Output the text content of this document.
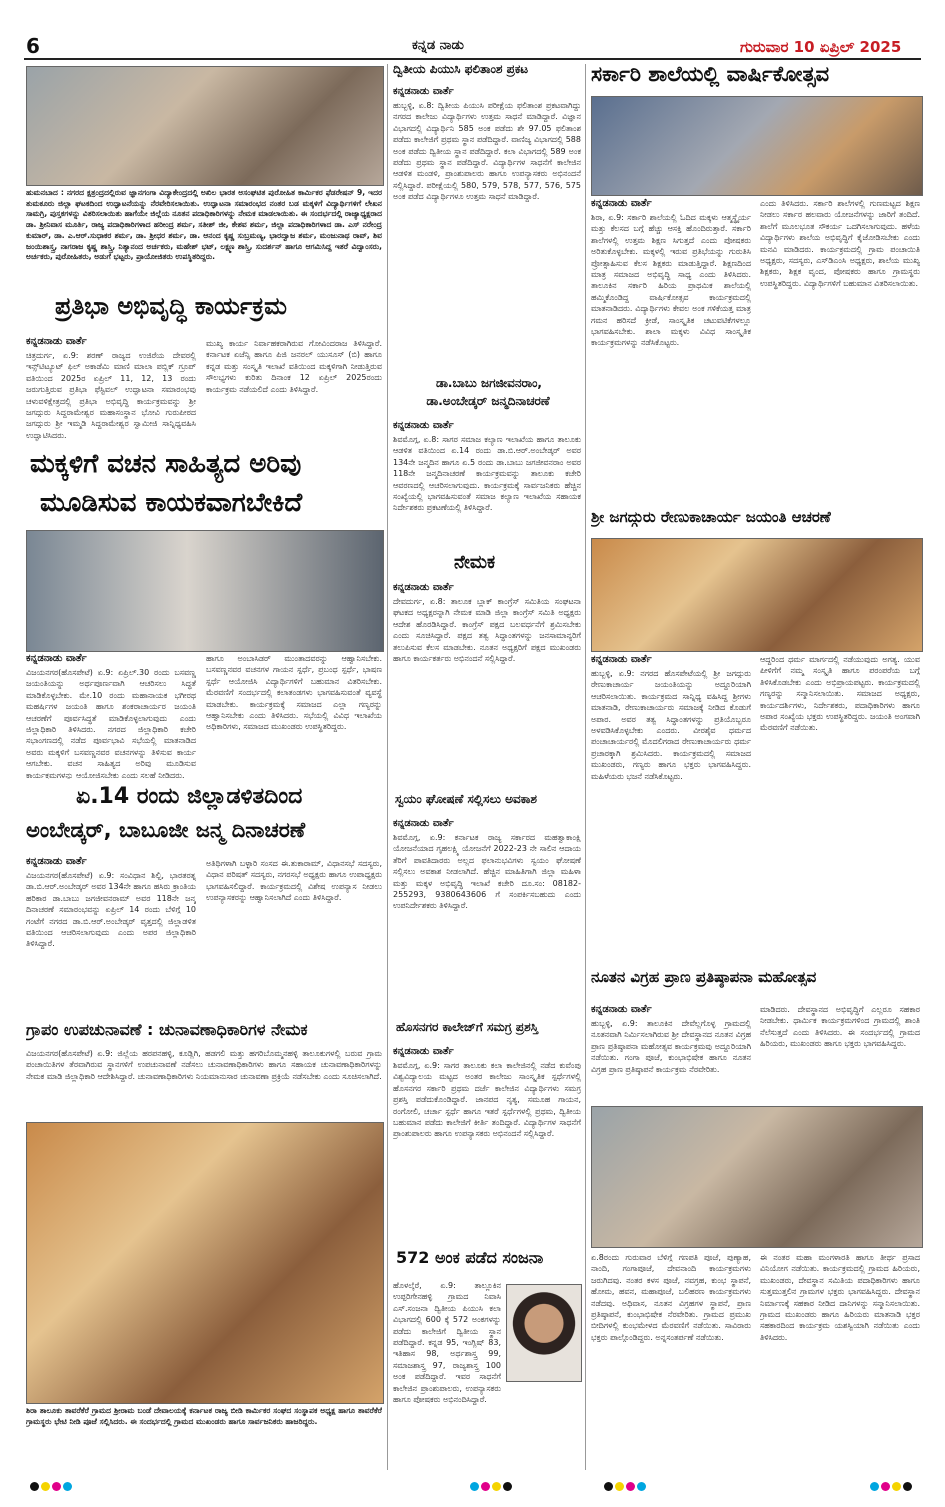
6	ಕನ್ನಡ ನಾಡು	ಗುರುವಾರ 10 ಏಪ್ರಿಲ್ 2025
ಹುಮನಬಾದ : ನಗರದ ಕ್ಷತ್ರಂದ್ರದಲ್ಲಿರುವ ಜ್ಞಾನಗಂಗಾ ವಿದ್ಯಾಕೇಂದ್ರದಲ್ಲಿ ಅಖಿಲ ಭಾರತ ಅಸಂಘಟಿತ ಪುರೋಹಿತ ಕಾರ್ಮಿಕರ ಫೆಡರೇಷನ್ 9, ಇದರ ತುಮಕೂರು ಜಿಲ್ಲಾ ಘಟಕದಿಂದ ಉದ್ಘಾಟನೆಯನ್ನು ನೆರವೇರಿಸಲಾಯಿತು. ಉದ್ಘಾಟನಾ ಸಮಾರಂಭದ ನಂತರ ಬಡ ಮಕ್ಕಳಿಗೆ ವಿದ್ಯಾರ್ಥಿಗಳಿಗೆ ಲೇಖನ ಸಾಮಗ್ರಿ, ಪುಸ್ತಕಗಳನ್ನು ವಿತರಿಸಲಾಯಿತು ಹಾಗೆಯೇ ಜಿಲ್ಲೆಯ ನೂತನ ಪದಾಧಿಕಾರಿಗಳನ್ನು ನೇಮಕ ಮಾಡಲಾಯಿತು. ಈ ಸಂದರ್ಭದಲ್ಲಿ ರಾಜ್ಯಾಧ್ಯಕ್ಷರಾದ ಡಾ. ಶ್ರೀನಿವಾಸ ಮೂರ್ತಿ, ರಾಜ್ಯ ಪದಾಧಿಕಾರಿಗಳಾದ ಹರೀಂದ್ರ ಶರ್ಮ, ಸತೀಶ್ ಜೀ, ಕೇಶವ ಶರ್ಮ, ಜಿಲ್ಲಾ ಪದಾಧಿಕಾರಿಗಳಾದ ಡಾ. ಎಸ್ ನರೇಂದ್ರ ಕುಮಾರ್, ಡಾ. ಎ.ಆರ್.ಸುಧಾಕರ ಶರ್ಮ, ಡಾ. ಶ್ರೀಧರ ಶರ್ಮ, ಡಾ. ಆನಂದ ಕೃಷ್ಣ ಸುಬ್ರಮಣ್ಯ, ಭಾರದ್ವಾಜ ಶರ್ಮ, ಮಂಜುನಾಥ ರಾವ್, ಶಿವ ಜಂಯಿಶಾಸ್ತ್ರ, ನಾಗರಾಜ ಕೃಷ್ಣ ಶಾಸ್ತ್ರಿ, ನಿತ್ಯಾನಂದ ಅರ್ಚಕರು, ಮಹೇಶ್ ಭಟ್, ಲಕ್ಷ್ಮಣ ಶಾಸ್ತ್ರಿ, ಸುದರ್ಶನ್ ಹಾಗೂ ಆಗಮಿಸಿದ್ದ ಇತರೆ ವಿದ್ವಾಂಸರು, ಅರ್ಚಕರು, ಪುರೋಹಿತರು, ಅಡುಗೆ ಭಟ್ಟರು, ಪ್ರಾಯೋಜಿತರು ಉಪಸ್ಥಿತರಿದ್ದರು.
ಪ್ರತಿಭಾ ಅಭಿವೃದ್ಧಿ ಕಾರ್ಯಕ್ರಮ
ಕನ್ನಡನಾಡು ವಾರ್ತೆ
ಚಿತ್ರದುರ್ಗ, ಏ.9: ಶರಣ್ ರಾಜ್ಯದ ಉಜಿರೆಯ ದೇವರಲ್ಲಿ ಇನ್ಸ್‌ಟಿಟ್ಯೂಟ್ ಫಿಲ್ ಅಕಾಡೆಮಿ ಮಾಣಿ ಮಾಲಾ ಪಬ್ಲಿಕ್ ಗ್ರೂಪ್ ವತಿಯಿಂದ 2025ರ ಏಪ್ರಿಲ್ 11, 12, 13 ರಂದು ಜರುಗುತ್ತಿರುವ ಪ್ರತಿಭಾ ಫೆಸ್ಟಿವಲ್ ಉದ್ಘಾಟನಾ ಸಮಾರಂಭವು ಚಳುವಳಿಕ್ಷೇತ್ರದಲ್ಲಿ ಪ್ರತಿಭಾ ಅಭಿವೃದ್ಧಿ ಕಾರ್ಯಕ್ರಮವನ್ನು ಶ್ರೀ ಜಗದ್ಗುರು ಸಿದ್ದರಾಮೇಶ್ವರ ಮಹಾಸಂಸ್ಥಾನ ಭೋವಿ ಗುರುಪೀಠದ ಜಗದ್ಗುರು ಶ್ರೀ ಇಮ್ಮಡಿ ಸಿದ್ದರಾಮೇಶ್ವರ ಸ್ವಾಮೀಜಿ ಸಾನ್ನಿಧ್ಯವಹಿಸಿ ಉದ್ಘಾಟಿಸಿದರು.
ಮುಖ್ಯ ಕಾರ್ಯ ನಿರ್ವಾಹಕರಾಗಿರುವ ಗೋವಿಂದರಾಜ ತಿಳಿಸಿದ್ದಾರೆ. ಕರ್ನಾಟಕ ಏಜೆನ್ಸಿ ಹಾಗೂ ಪಿಜಿ ಜನರಲ್ ಯುಸೂಸ್ (ಬಿ) ಹಾಗೂ ಕನ್ನಡ ಮತ್ತು ಸಂಸ್ಕೃತಿ ಇಲಾಖೆ ವತಿಯಿಂದ ಮಕ್ಕಳಿಗಾಗಿ ನೀಡುತ್ತಿರುವ ಸೌಲಭ್ಯಗಳು ಕುರಿತು ದಿನಾಂಕ 12 ಏಪ್ರಿಲ್ 2025ರಂದು ಕಾರ್ಯಕ್ರಮ ನಡೆಯಲಿದೆ ಎಂದು ತಿಳಿಸಿದ್ದಾರೆ.
ಮಕ್ಕಳಿಗೆ ವಚನ ಸಾಹಿತ್ಯದ ಅರಿವು
ಮೂಡಿಸುವ ಕಾಯಕವಾಗಬೇಕಿದೆ
ಕನ್ನಡನಾಡು ವಾರ್ತೆ
ವಿಜಯನಗರ(ಹೊಸಪೇಟೆ) ಏ.9: ಏಪ್ರಿಲ್.30 ರಂದು ಬಸವಣ್ಣ ಜಯಂತಿಯನ್ನು ಅರ್ಥಪೂರ್ಣವಾಗಿ ಆಚರಿಸಲು ಸಿದ್ಧತೆ ಮಾಡಿಕೊಳ್ಳಬೇಕು. ಮೇ.10 ರಂದು ಮಹಾನಾಯಕ ಭಗೀರಥ ಮಹರ್ಷಿಗಳ ಜಯಂತಿ ಹಾಗೂ ಶಂಕರಾಚಾರ್ಯರ ಜಯಂತಿ ಆಚರಣೆಗೆ ಪೂರ್ವಸಿದ್ಧತೆ ಮಾಡಿಕೊಳ್ಳಲಾಗುವುದು ಎಂದು ಜಿಲ್ಲಾಧಿಕಾರಿ ತಿಳಿಸಿದರು. ನಗರದ ಜಿಲ್ಲಾಧಿಕಾರಿ ಕಚೇರಿ ಸಭಾಂಗಣದಲ್ಲಿ ನಡೆದ ಪೂರ್ವಭಾವಿ ಸಭೆಯಲ್ಲಿ ಮಾತನಾಡಿದ ಅವರು ಮಕ್ಕಳಿಗೆ ಬಸವಣ್ಣನವರ ವಚನಗಳನ್ನು ತಿಳಿಸುವ ಕಾರ್ಯ ಆಗಬೇಕು. ವಚನ ಸಾಹಿತ್ಯದ ಅರಿವು ಮೂಡಿಸುವ ಕಾರ್ಯಕ್ರಮಗಳನ್ನು ಆಯೋಜಿಸಬೇಕು ಎಂದು ಸಲಹೆ ನೀಡಿದರು.
ಹಾಗೂ ಅಂಬಾಸಿಡರ್ ಮುಂತಾದವರನ್ನು ಆಹ್ವಾನಿಸಬೇಕು. ಬಸವಣ್ಣನವರ ವಚನಗಳ ಗಾಯನ ಸ್ಪರ್ಧೆ, ಪ್ರಬಂಧ ಸ್ಪರ್ಧೆ, ಭಾಷಣ ಸ್ಪರ್ಧೆ ಆಯೋಜಿಸಿ ವಿದ್ಯಾರ್ಥಿಗಳಿಗೆ ಬಹುಮಾನ ವಿತರಿಸಬೇಕು. ಮೆರವಣಿಗೆ ಸಂದರ್ಭದಲ್ಲಿ ಕಲಾತಂಡಗಳು ಭಾಗವಹಿಸುವಂತೆ ವ್ಯವಸ್ಥೆ ಮಾಡಬೇಕು. ಕಾರ್ಯಕ್ರಮಕ್ಕೆ ಸಮಾಜದ ಎಲ್ಲಾ ಗಣ್ಯರನ್ನು ಆಹ್ವಾನಿಸಬೇಕು ಎಂದು ತಿಳಿಸಿದರು. ಸಭೆಯಲ್ಲಿ ವಿವಿಧ ಇಲಾಖೆಯ ಅಧಿಕಾರಿಗಳು, ಸಮಾಜದ ಮುಖಂಡರು ಉಪಸ್ಥಿತರಿದ್ದರು.
ಏ.14 ರಂದು ಜಿಲ್ಲಾಡಳಿತದಿಂದ
ಅಂಬೇಡ್ಕರ್, ಬಾಬೂಜೀ ಜನ್ಮ ದಿನಾಚರಣೆ
ಕನ್ನಡನಾಡು ವಾರ್ತೆ
ವಿಜಯನಗರ(ಹೊಸಪೇಟೆ) ಏ.9: ಸಂವಿಧಾನ ಶಿಲ್ಪಿ, ಭಾರತರತ್ನ ಡಾ.ಬಿ.ಆರ್.ಅಂಬೇಡ್ಕರ್ ಅವರ 134ನೇ ಹಾಗೂ ಹಸಿರು ಕ್ರಾಂತಿಯ ಹರಿಕಾರ ಡಾ.ಬಾಬು ಜಗಜೀವನರಾಮ್ ಅವರ 118ನೇ ಜನ್ಮ ದಿನಾಚರಣೆ ಸಮಾರಂಭವನ್ನು ಏಪ್ರಿಲ್ 14 ರಂದು ಬೆಳಿಗ್ಗೆ 10 ಗಂಟೆಗೆ ನಗರದ ಡಾ.ಬಿ.ಆರ್.ಅಂಬೇಡ್ಕರ್ ವೃತ್ತದಲ್ಲಿ ಜಿಲ್ಲಾಡಳಿತ ವತಿಯಿಂದ ಆಚರಿಸಲಾಗುವುದು ಎಂದು ಅಪರ ಜಿಲ್ಲಾಧಿಕಾರಿ ತಿಳಿಸಿದ್ದಾರೆ.
ಅತಿಥಿಗಳಾಗಿ ಬಳ್ಳಾರಿ ಸಂಸದ ಈ.ತುಕಾರಾಮ್, ವಿಧಾನಸಭೆ ಸದಸ್ಯರು, ವಿಧಾನ ಪರಿಷತ್ ಸದಸ್ಯರು, ನಗರಸಭೆ ಅಧ್ಯಕ್ಷರು ಹಾಗೂ ಉಪಾಧ್ಯಕ್ಷರು ಭಾಗವಹಿಸಲಿದ್ದಾರೆ. ಕಾರ್ಯಕ್ರಮದಲ್ಲಿ ವಿಶೇಷ ಉಪನ್ಯಾಸ ನೀಡಲು ಉಪನ್ಯಾಸಕರನ್ನು ಆಹ್ವಾನಿಸಲಾಗಿದೆ ಎಂದು ತಿಳಿಸಿದ್ದಾರೆ.
ಗ್ರಾಪಂ ಉಪಚುನಾವಣೆ : ಚುನಾವಣಾಧಿಕಾರಿಗಳ ನೇಮಕ
ವಿಜಯನಗರ(ಹೊಸಪೇಟೆ) ಏ.9: ಜಿಲ್ಲೆಯ ಹರಪನಹಳ್ಳಿ, ಕೂಡ್ಲಿಗಿ, ಹಡಗಲಿ ಮತ್ತು ಹಗರಿಬೊಮ್ಮನಹಳ್ಳಿ ತಾಲೂಕುಗಳಲ್ಲಿ ಬರುವ ಗ್ರಾಮ ಪಂಚಾಯಿತಿಗಳ ತೆರವಾಗಿರುವ ಸ್ಥಾನಗಳಿಗೆ ಉಪಚುನಾವಣೆ ನಡೆಸಲು ಚುನಾವಣಾಧಿಕಾರಿಗಳು ಹಾಗೂ ಸಹಾಯಕ ಚುನಾವಣಾಧಿಕಾರಿಗಳನ್ನು ನೇಮಕ ಮಾಡಿ ಜಿಲ್ಲಾಧಿಕಾರಿ ಆದೇಶಿಸಿದ್ದಾರೆ. ಚುನಾವಣಾಧಿಕಾರಿಗಳು ನಿಯಮಾನುಸಾರ ಚುನಾವಣಾ ಪ್ರಕ್ರಿಯೆ ನಡೆಸಬೇಕು ಎಂದು ಸೂಚಿಸಲಾಗಿದೆ.
ಶಿರಾ ತಾಲೂಕು ತಾವರೆಕೆರೆ ಗ್ರಾಮದ ಶ್ರೀರಾಮ ಬಂಡೆ ದೇವಾಲಯಕ್ಕೆ ಕರ್ನಾಟಕ ರಾಜ್ಯ ಬೀಡಿ ಕಾರ್ಮಿಕರ ಸಂಘದ ಸಂಸ್ಥಾಪಕ ಅಧ್ಯಕ್ಷ ಹಾಗೂ ತಾವರೆಕೆರೆ ಗ್ರಾಮಸ್ಥರು ಭೇಟಿ ನೀಡಿ ಪೂಜೆ ಸಲ್ಲಿಸಿದರು. ಈ ಸಂದರ್ಭದಲ್ಲಿ ಗ್ರಾಮದ ಮುಖಂಡರು ಹಾಗೂ ಸಾರ್ವಜನಿಕರು ಹಾಜರಿದ್ದರು.
ದ್ವಿತೀಯ ಪಿಯುಸಿ ಫಲಿತಾಂಶ ಪ್ರಕಟ
ಕನ್ನಡನಾಡು ವಾರ್ತೆ
ಹುಬ್ಬಳ್ಳಿ, ಏ.8: ದ್ವಿತೀಯ ಪಿಯುಸಿ ಪರೀಕ್ಷೆಯ ಫಲಿತಾಂಶ ಪ್ರಕಟವಾಗಿದ್ದು ನಗರದ ಕಾಲೇಜು ವಿದ್ಯಾರ್ಥಿಗಳು ಉತ್ತಮ ಸಾಧನೆ ಮಾಡಿದ್ದಾರೆ. ವಿಜ್ಞಾನ ವಿಭಾಗದಲ್ಲಿ ವಿದ್ಯಾರ್ಥಿನಿ 585 ಅಂಕ ಪಡೆದು ಶೇ 97.05 ಫಲಿತಾಂಶ ಪಡೆದು ಕಾಲೇಜಿಗೆ ಪ್ರಥಮ ಸ್ಥಾನ ಪಡೆದಿದ್ದಾರೆ. ವಾಣಿಜ್ಯ ವಿಭಾಗದಲ್ಲಿ 588 ಅಂಕ ಪಡೆದು ದ್ವಿತೀಯ ಸ್ಥಾನ ಪಡೆದಿದ್ದಾರೆ. ಕಲಾ ವಿಭಾಗದಲ್ಲಿ 589 ಅಂಕ ಪಡೆದು ಪ್ರಥಮ ಸ್ಥಾನ ಪಡೆದಿದ್ದಾರೆ. ವಿದ್ಯಾರ್ಥಿಗಳ ಸಾಧನೆಗೆ ಕಾಲೇಜಿನ ಆಡಳಿತ ಮಂಡಳಿ, ಪ್ರಾಂಶುಪಾಲರು ಹಾಗೂ ಉಪನ್ಯಾಸಕರು ಅಭಿನಂದನೆ ಸಲ್ಲಿಸಿದ್ದಾರೆ. ಪರೀಕ್ಷೆಯಲ್ಲಿ 580, 579, 578, 577, 576, 575 ಅಂಕ ಪಡೆದ ವಿದ್ಯಾರ್ಥಿಗಳೂ ಉತ್ತಮ ಸಾಧನೆ ಮಾಡಿದ್ದಾರೆ.
ಡಾ.ಬಾಬು ಜಗಜೀವನರಾಂ,
ಡಾ.ಅಂಬೇಡ್ಕರ್ ಜನ್ಮದಿನಾಚರಣೆ
ಕನ್ನಡನಾಡು ವಾರ್ತೆ
ಶಿವಮೊಗ್ಗ, ಏ.8: ಸಾಗರ ಸಮಾಜ ಕಲ್ಯಾಣ ಇಲಾಖೆಯ ಹಾಗೂ ತಾಲೂಕು ಆಡಳಿತ ವತಿಯಿಂದ ಏ.14 ರಂದು ಡಾ.ಬಿ.ಆರ್.ಅಂಬೇಡ್ಕರ್ ಅವರ 134ನೇ ಜನ್ಮದಿನ ಹಾಗೂ ಏ.5 ರಂದು ಡಾ.ಬಾಬು ಜಗಜೀವನರಾಂ ಅವರ 118ನೇ ಜನ್ಮದಿನಾಚರಣೆ ಕಾರ್ಯಕ್ರಮವನ್ನು ತಾಲೂಕು ಕಚೇರಿ ಆವರಣದಲ್ಲಿ ಆಚರಿಸಲಾಗುವುದು. ಕಾರ್ಯಕ್ರಮಕ್ಕೆ ಸಾರ್ವಜನಿಕರು ಹೆಚ್ಚಿನ ಸಂಖ್ಯೆಯಲ್ಲಿ ಭಾಗವಹಿಸುವಂತೆ ಸಮಾಜ ಕಲ್ಯಾಣ ಇಲಾಖೆಯ ಸಹಾಯಕ ನಿರ್ದೇಶಕರು ಪ್ರಕಟಣೆಯಲ್ಲಿ ತಿಳಿಸಿದ್ದಾರೆ.
ನೇಮಕ
ಕನ್ನಡನಾಡು ವಾರ್ತೆ
ದೇವದುರ್ಗ, ಏ.8: ತಾಲೂಕ ಬ್ಲಾಕ್ ಕಾಂಗ್ರೆಸ್ ಸಮಿತಿಯ ಸಂಘಟನಾ ಘಟಕದ ಅಧ್ಯಕ್ಷರನ್ನಾಗಿ ನೇಮಕ ಮಾಡಿ ಜಿಲ್ಲಾ ಕಾಂಗ್ರೆಸ್ ಸಮಿತಿ ಅಧ್ಯಕ್ಷರು ಆದೇಶ ಹೊರಡಿಸಿದ್ದಾರೆ. ಕಾಂಗ್ರೆಸ್ ಪಕ್ಷದ ಬಲವರ್ಧನೆಗೆ ಶ್ರಮಿಸಬೇಕು ಎಂದು ಸೂಚಿಸಿದ್ದಾರೆ. ಪಕ್ಷದ ತತ್ವ ಸಿದ್ಧಾಂತಗಳನ್ನು ಜನಸಾಮಾನ್ಯರಿಗೆ ತಲುಪಿಸುವ ಕೆಲಸ ಮಾಡಬೇಕು. ನೂತನ ಅಧ್ಯಕ್ಷರಿಗೆ ಪಕ್ಷದ ಮುಖಂಡರು ಹಾಗೂ ಕಾರ್ಯಕರ್ತರು ಅಭಿನಂದನೆ ಸಲ್ಲಿಸಿದ್ದಾರೆ.
ಸ್ವಯಂ ಘೋಷಣೆ ಸಲ್ಲಿಸಲು ಅವಕಾಶ
ಕನ್ನಡನಾಡು ವಾರ್ತೆ
ಶಿವಮೊಗ್ಗ, ಏ.9: ಕರ್ನಾಟಕ ರಾಜ್ಯ ಸರ್ಕಾರದ ಮಹತ್ವಾಕಾಂಕ್ಷಿ ಯೋಜನೆಯಾದ ಗೃಹಲಕ್ಷ್ಮಿ ಯೋಜನೆಗೆ 2022-23 ನೇ ಸಾಲಿನ ಆದಾಯ ತೆರಿಗೆ ಪಾವತಿದಾರರು ಅಲ್ಲದ ಫಲಾನುಭವಿಗಳು ಸ್ವಯಂ ಘೋಷಣೆ ಸಲ್ಲಿಸಲು ಅವಕಾಶ ನೀಡಲಾಗಿದೆ. ಹೆಚ್ಚಿನ ಮಾಹಿತಿಗಾಗಿ ಜಿಲ್ಲಾ ಮಹಿಳಾ ಮತ್ತು ಮಕ್ಕಳ ಅಭಿವೃದ್ಧಿ ಇಲಾಖೆ ಕಚೇರಿ ದೂ.ಸಂ: 08182-255293, 9380643606 ಗೆ ಸಂಪರ್ಕಿಸಬಹುದು ಎಂದು ಉಪನಿರ್ದೇಶಕರು ತಿಳಿಸಿದ್ದಾರೆ.
ಹೊಸನಗರ ಕಾಲೇಜ್‌ಗೆ ಸಮಗ್ರ ಪ್ರಶಸ್ತಿ
ಕನ್ನಡನಾಡು ವಾರ್ತೆ
ಶಿವಮೊಗ್ಗ, ಏ.9: ಸಾಗರ ತಾಲೂಕು ಕಲಾ ಕಾಲೇಜಿನಲ್ಲಿ ನಡೆದ ಕುವೆಂಪು ವಿಶ್ವವಿದ್ಯಾಲಯ ಮಟ್ಟದ ಅಂತರ ಕಾಲೇಜು ಸಾಂಸ್ಕೃತಿಕ ಸ್ಪರ್ಧೆಗಳಲ್ಲಿ ಹೊಸನಗರ ಸರ್ಕಾರಿ ಪ್ರಥಮ ದರ್ಜೆ ಕಾಲೇಜಿನ ವಿದ್ಯಾರ್ಥಿಗಳು ಸಮಗ್ರ ಪ್ರಶಸ್ತಿ ಪಡೆದುಕೊಂಡಿದ್ದಾರೆ. ಜಾನಪದ ನೃತ್ಯ, ಸಮೂಹ ಗಾಯನ, ರಂಗೋಲಿ, ಚರ್ಚಾ ಸ್ಪರ್ಧೆ ಹಾಗೂ ಇತರೆ ಸ್ಪರ್ಧೆಗಳಲ್ಲಿ ಪ್ರಥಮ, ದ್ವಿತೀಯ ಬಹುಮಾನ ಪಡೆದು ಕಾಲೇಜಿಗೆ ಕೀರ್ತಿ ತಂದಿದ್ದಾರೆ. ವಿದ್ಯಾರ್ಥಿಗಳ ಸಾಧನೆಗೆ ಪ್ರಾಂಶುಪಾಲರು ಹಾಗೂ ಉಪನ್ಯಾಸಕರು ಅಭಿನಂದನೆ ಸಲ್ಲಿಸಿದ್ದಾರೆ.
572 ಅಂಕ ಪಡೆದ ಸಂಜನಾ
ಹೊಳಲ್ಕೆರೆ, ಏ.9: ತಾಲ್ಲೂಕಿನ ಉಪ್ಪರಿಗೇನಹಳ್ಳಿ ಗ್ರಾಮದ ನಿವಾಸಿ ಎಸ್.ಸಂಜನಾ ದ್ವಿತೀಯ ಪಿಯುಸಿ ಕಲಾ ವಿಭಾಗದಲ್ಲಿ 600 ಕ್ಕೆ 572 ಅಂಕಗಳನ್ನು ಪಡೆದು ಕಾಲೇಜಿಗೆ ದ್ವಿತೀಯ ಸ್ಥಾನ ಪಡೆದಿದ್ದಾರೆ. ಕನ್ನಡ 95, ಇಂಗ್ಲಿಷ್ 83, ಇತಿಹಾಸ 98, ಅರ್ಥಶಾಸ್ತ್ರ 99, ಸಮಾಜಶಾಸ್ತ್ರ 97, ರಾಜ್ಯಶಾಸ್ತ್ರ 100 ಅಂಕ ಪಡೆದಿದ್ದಾರೆ. ಇವರ ಸಾಧನೆಗೆ ಕಾಲೇಜಿನ ಪ್ರಾಂಶುಪಾಲರು, ಉಪನ್ಯಾಸಕರು ಹಾಗೂ ಪೋಷಕರು ಅಭಿನಂದಿಸಿದ್ದಾರೆ.
ಸರ್ಕಾರಿ ಶಾಲೆಯಲ್ಲಿ ವಾರ್ಷಿಕೋತ್ಸವ
ಕನ್ನಡನಾಡು ವಾರ್ತೆ
ಶಿರಾ, ಏ.9: ಸರ್ಕಾರಿ ಶಾಲೆಯಲ್ಲಿ ಓದಿದ ಮಕ್ಕಳು ಆತ್ಮಸ್ಥೈರ್ಯ ಮತ್ತು ಕೆಲಸದ ಬಗ್ಗೆ ಹೆಚ್ಚು ಆಸಕ್ತಿ ಹೊಂದಿರುತ್ತಾರೆ. ಸರ್ಕಾರಿ ಶಾಲೆಗಳಲ್ಲಿ ಉತ್ತಮ ಶಿಕ್ಷಣ ಸಿಗುತ್ತದೆ ಎಂದು ಪೋಷಕರು ಅರಿತುಕೊಳ್ಳಬೇಕು. ಮಕ್ಕಳಲ್ಲಿ ಇರುವ ಪ್ರತಿಭೆಯನ್ನು ಗುರುತಿಸಿ ಪ್ರೋತ್ಸಾಹಿಸುವ ಕೆಲಸ ಶಿಕ್ಷಕರು ಮಾಡುತ್ತಿದ್ದಾರೆ. ಶಿಕ್ಷಣದಿಂದ ಮಾತ್ರ ಸಮಾಜದ ಅಭಿವೃದ್ಧಿ ಸಾಧ್ಯ ಎಂದು ತಿಳಿಸಿದರು. ತಾಲೂಕಿನ ಸರ್ಕಾರಿ ಹಿರಿಯ ಪ್ರಾಥಮಿಕ ಶಾಲೆಯಲ್ಲಿ ಹಮ್ಮಿಕೊಂಡಿದ್ದ ವಾರ್ಷಿಕೋತ್ಸವ ಕಾರ್ಯಕ್ರಮದಲ್ಲಿ ಮಾತನಾಡಿದರು. ವಿದ್ಯಾರ್ಥಿಗಳು ಕೇವಲ ಅಂಕ ಗಳಿಕೆಯತ್ತ ಮಾತ್ರ ಗಮನ ಹರಿಸದೆ ಕ್ರೀಡೆ, ಸಾಂಸ್ಕೃತಿಕ ಚಟುವಟಿಕೆಗಳಲ್ಲೂ ಭಾಗವಹಿಸಬೇಕು. ಶಾಲಾ ಮಕ್ಕಳು ವಿವಿಧ ಸಾಂಸ್ಕೃತಿಕ ಕಾರ್ಯಕ್ರಮಗಳನ್ನು ನಡೆಸಿಕೊಟ್ಟರು.
ಎಂದು ತಿಳಿಸಿದರು. ಸರ್ಕಾರಿ ಶಾಲೆಗಳಲ್ಲಿ ಗುಣಮಟ್ಟದ ಶಿಕ್ಷಣ ನೀಡಲು ಸರ್ಕಾರ ಹಲವಾರು ಯೋಜನೆಗಳನ್ನು ಜಾರಿಗೆ ತಂದಿದೆ. ಶಾಲೆಗೆ ಮೂಲಭೂತ ಸೌಕರ್ಯ ಒದಗಿಸಲಾಗುವುದು. ಹಳೆಯ ವಿದ್ಯಾರ್ಥಿಗಳು ಶಾಲೆಯ ಅಭಿವೃದ್ಧಿಗೆ ಕೈಜೋಡಿಸಬೇಕು ಎಂದು ಮನವಿ ಮಾಡಿದರು. ಕಾರ್ಯಕ್ರಮದಲ್ಲಿ ಗ್ರಾಮ ಪಂಚಾಯಿತಿ ಅಧ್ಯಕ್ಷರು, ಸದಸ್ಯರು, ಎಸ್‌ಡಿಎಂಸಿ ಅಧ್ಯಕ್ಷರು, ಶಾಲೆಯ ಮುಖ್ಯ ಶಿಕ್ಷಕರು, ಶಿಕ್ಷಕ ವೃಂದ, ಪೋಷಕರು ಹಾಗೂ ಗ್ರಾಮಸ್ಥರು ಉಪಸ್ಥಿತರಿದ್ದರು. ವಿದ್ಯಾರ್ಥಿಗಳಿಗೆ ಬಹುಮಾನ ವಿತರಿಸಲಾಯಿತು.
ಶ್ರೀ ಜಗದ್ಗುರು ರೇಣುಕಾಚಾರ್ಯ ಜಯಂತಿ ಆಚರಣೆ
ಕನ್ನಡನಾಡು ವಾರ್ತೆ
ಹುಬ್ಬಳ್ಳಿ, ಏ.9: ನಗರದ ಹೊಸಪೇಟೆಯಲ್ಲಿ ಶ್ರೀ ಜಗದ್ಗುರು ರೇಣುಕಾಚಾರ್ಯ ಜಯಂತಿಯನ್ನು ಅದ್ದೂರಿಯಾಗಿ ಆಚರಿಸಲಾಯಿತು. ಕಾರ್ಯಕ್ರಮದ ಸಾನ್ನಿಧ್ಯ ವಹಿಸಿದ್ದ ಶ್ರೀಗಳು ಮಾತನಾಡಿ, ರೇಣುಕಾಚಾರ್ಯರು ಸಮಾಜಕ್ಕೆ ನೀಡಿದ ಕೊಡುಗೆ ಅಪಾರ. ಅವರ ತತ್ವ ಸಿದ್ಧಾಂತಗಳನ್ನು ಪ್ರತಿಯೊಬ್ಬರೂ ಅಳವಡಿಸಿಕೊಳ್ಳಬೇಕು ಎಂದರು. ವೀರಶೈವ ಧರ್ಮದ ಪಂಚಾಚಾರ್ಯರಲ್ಲಿ ಮೊದಲಿಗರಾದ ರೇಣುಕಾಚಾರ್ಯರು ಧರ್ಮ ಪ್ರಚಾರಕ್ಕಾಗಿ ಶ್ರಮಿಸಿದರು. ಕಾರ್ಯಕ್ರಮದಲ್ಲಿ ಸಮಾಜದ ಮುಖಂಡರು, ಗಣ್ಯರು ಹಾಗೂ ಭಕ್ತರು ಭಾಗವಹಿಸಿದ್ದರು. ಮಹಿಳೆಯರು ಭಜನೆ ನಡೆಸಿಕೊಟ್ಟರು.
ಆದ್ದರಿಂದ ಧರ್ಮ ಮಾರ್ಗದಲ್ಲಿ ನಡೆಯುವುದು ಅಗತ್ಯ. ಯುವ ಪೀಳಿಗೆಗೆ ನಮ್ಮ ಸಂಸ್ಕೃತಿ ಹಾಗೂ ಪರಂಪರೆಯ ಬಗ್ಗೆ ತಿಳಿಸಿಕೊಡಬೇಕು ಎಂದು ಅಭಿಪ್ರಾಯಪಟ್ಟರು. ಕಾರ್ಯಕ್ರಮದಲ್ಲಿ ಗಣ್ಯರನ್ನು ಸನ್ಮಾನಿಸಲಾಯಿತು. ಸಮಾಜದ ಅಧ್ಯಕ್ಷರು, ಕಾರ್ಯದರ್ಶಿಗಳು, ನಿರ್ದೇಶಕರು, ಪದಾಧಿಕಾರಿಗಳು ಹಾಗೂ ಅಪಾರ ಸಂಖ್ಯೆಯ ಭಕ್ತರು ಉಪಸ್ಥಿತರಿದ್ದರು. ಜಯಂತಿ ಅಂಗವಾಗಿ ಮೆರವಣಿಗೆ ನಡೆಯಿತು.
ನೂತನ ವಿಗ್ರಹ ಪ್ರಾಣ ಪ್ರತಿಷ್ಠಾಪನಾ ಮಹೋತ್ಸವ
ಕನ್ನಡನಾಡು ವಾರ್ತೆ
ಹುಬ್ಬಳ್ಳಿ, ಏ.9: ತಾಲೂಕಿನ ದೇವೆಲ್ಲಗೊಳ್ಳ ಗ್ರಾಮದಲ್ಲಿ ನೂತನವಾಗಿ ನಿರ್ಮಿಸಲಾಗಿರುವ ಶ್ರೀ ದೇವಸ್ಥಾನದ ನೂತನ ವಿಗ್ರಹ ಪ್ರಾಣ ಪ್ರತಿಷ್ಠಾಪನಾ ಮಹೋತ್ಸವ ಕಾರ್ಯಕ್ರಮವು ಅದ್ದೂರಿಯಾಗಿ ನಡೆಯಿತು. ಗಂಗಾ ಪೂಜೆ, ಕುಂಭಾಭಿಷೇಕ ಹಾಗೂ ನೂತನ ವಿಗ್ರಹ ಪ್ರಾಣ ಪ್ರತಿಷ್ಠಾಪನೆ ಕಾರ್ಯಕ್ರಮ ನೆರವೇರಿತು.
ಮಾಡಿದರು. ದೇವಸ್ಥಾನದ ಅಭಿವೃದ್ಧಿಗೆ ಎಲ್ಲರೂ ಸಹಕಾರ ನೀಡಬೇಕು. ಧಾರ್ಮಿಕ ಕಾರ್ಯಕ್ರಮಗಳಿಂದ ಗ್ರಾಮದಲ್ಲಿ ಶಾಂತಿ ನೆಲೆಸುತ್ತದೆ ಎಂದು ತಿಳಿಸಿದರು. ಈ ಸಂದರ್ಭದಲ್ಲಿ ಗ್ರಾಮದ ಹಿರಿಯರು, ಮುಖಂಡರು ಹಾಗೂ ಭಕ್ತರು ಭಾಗವಹಿಸಿದ್ದರು.
ಏ.8ರಂದು ಗುರುವಾರ ಬೆಳಿಗ್ಗೆ ಗಣಪತಿ ಪೂಜೆ, ಪುಣ್ಯಾಹ, ನಾಂದಿ, ಗಂಗಾಪೂಜೆ, ದೇವನಾಂದಿ ಕಾರ್ಯಕ್ರಮಗಳು ಜರುಗಿದವು. ನಂತರ ಕಳಸ ಪೂಜೆ, ನವಗ್ರಹ, ಕುಂಭ ಸ್ಥಾಪನೆ, ಹೋಮ, ಹವನ, ಮಹಾಪೂಜೆ, ಬಲಿಹರಣ ಕಾರ್ಯಕ್ರಮಗಳು ನಡೆದವು. ಅಧಿವಾಸ, ನೂತನ ವಿಗ್ರಹಗಳ ಸ್ಥಾಪನೆ, ಪ್ರಾಣ ಪ್ರತಿಷ್ಠಾಪನೆ, ಕುಂಭಾಭಿಷೇಕ ನೆರವೇರಿತು. ಗ್ರಾಮದ ಪ್ರಮುಖ ಬೀದಿಗಳಲ್ಲಿ ಕುಂಭಮೇಳದ ಮೆರವಣಿಗೆ ನಡೆಯಿತು. ಸಾವಿರಾರು ಭಕ್ತರು ಪಾಲ್ಗೊಂಡಿದ್ದರು. ಅನ್ನಸಂತರ್ಪಣೆ ನಡೆಯಿತು.
ಈ ನಂತರ ಮಹಾ ಮಂಗಳಾರತಿ ಹಾಗೂ ತೀರ್ಥ ಪ್ರಸಾದ ವಿನಿಯೋಗ ನಡೆಯಿತು. ಕಾರ್ಯಕ್ರಮದಲ್ಲಿ ಗ್ರಾಮದ ಹಿರಿಯರು, ಮುಖಂಡರು, ದೇವಸ್ಥಾನ ಸಮಿತಿಯ ಪದಾಧಿಕಾರಿಗಳು ಹಾಗೂ ಸುತ್ತಮುತ್ತಲಿನ ಗ್ರಾಮಗಳ ಭಕ್ತರು ಭಾಗವಹಿಸಿದ್ದರು. ದೇವಸ್ಥಾನ ನಿರ್ಮಾಣಕ್ಕೆ ಸಹಕಾರ ನೀಡಿದ ದಾನಿಗಳನ್ನು ಸನ್ಮಾನಿಸಲಾಯಿತು. ಗ್ರಾಮದ ಮುಖಂಡರು ಹಾಗೂ ಹಿರಿಯರು ಮಾತನಾಡಿ ಭಕ್ತರ ಸಹಕಾರದಿಂದ ಕಾರ್ಯಕ್ರಮ ಯಶಸ್ವಿಯಾಗಿ ನಡೆಯಿತು ಎಂದು ತಿಳಿಸಿದರು.
